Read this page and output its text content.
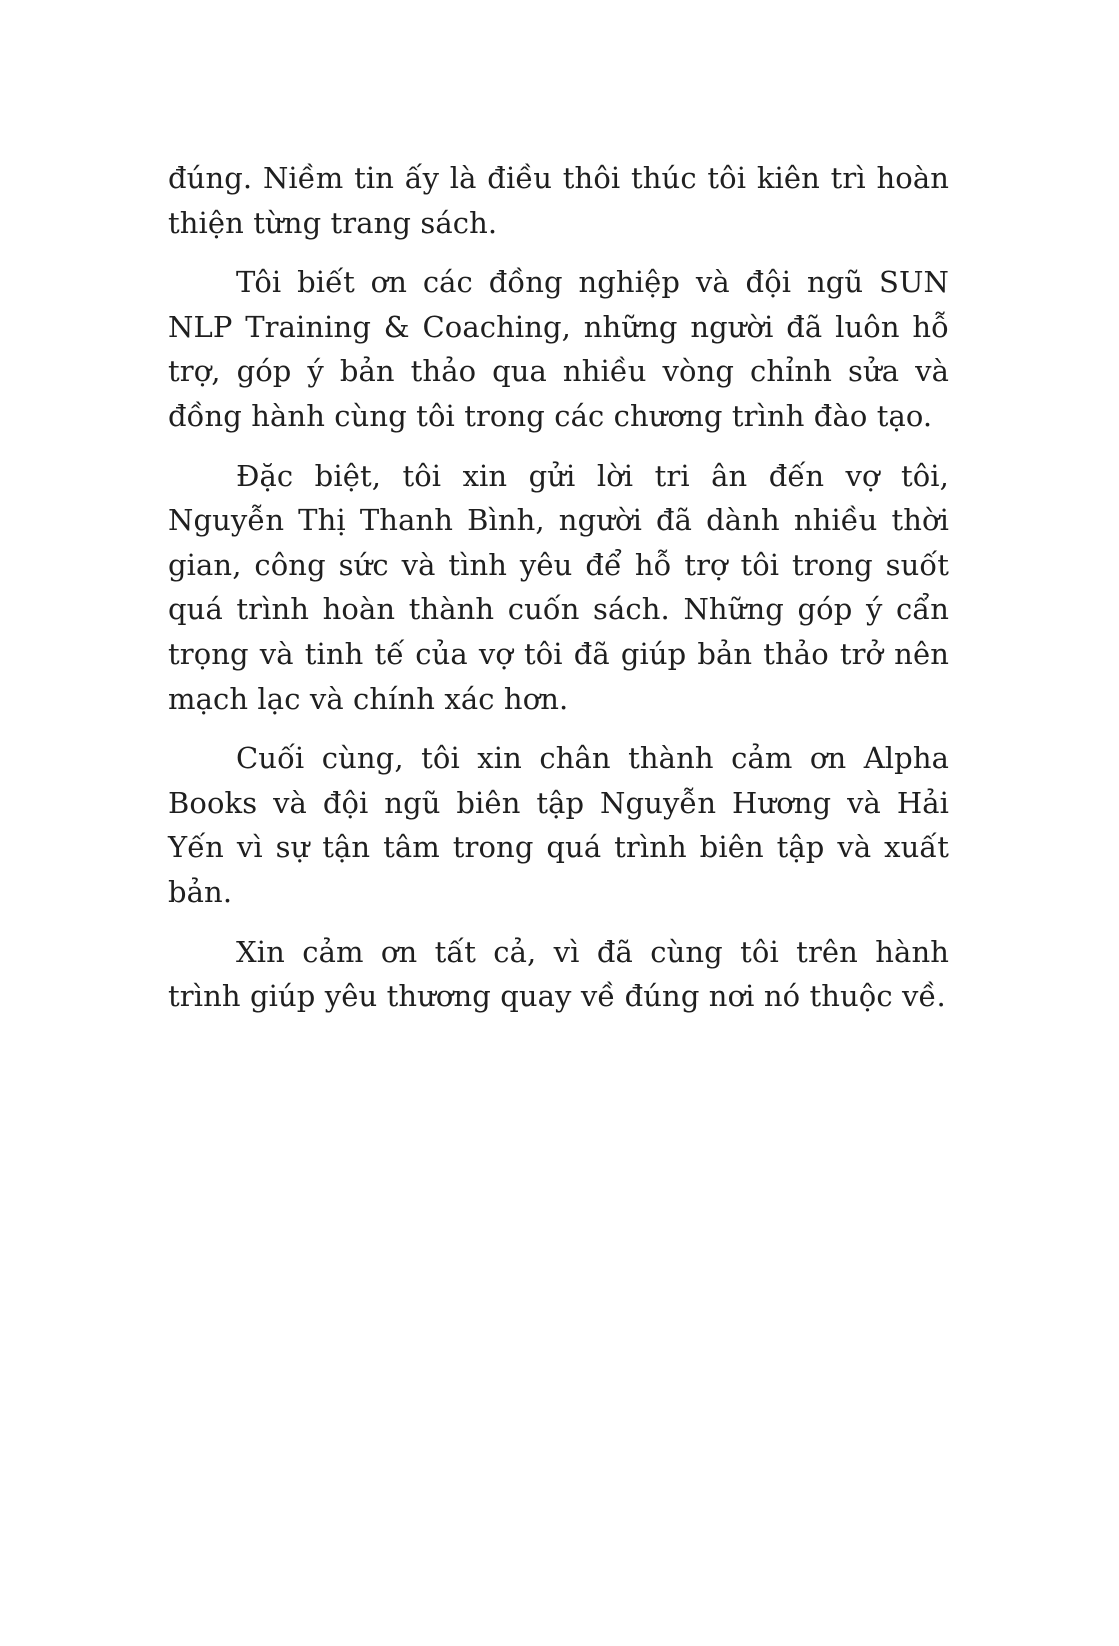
đúng. Niềm tin ấy là điều thôi thúc tôi kiên trì hoàn thiện từng trang sách.

Tôi biết ơn các đồng nghiệp và đội ngũ SUN NLP Training & Coaching, những người đã luôn hỗ trợ, góp ý bản thảo qua nhiều vòng chỉnh sửa và đồng hành cùng tôi trong các chương trình đào tạo.

Đặc biệt, tôi xin gửi lời tri ân đến vợ tôi, Nguyễn Thị Thanh Bình, người đã dành nhiều thời gian, công sức và tình yêu để hỗ trợ tôi trong suốt quá trình hoàn thành cuốn sách. Những góp ý cẩn trọng và tinh tế của vợ tôi đã giúp bản thảo trở nên mạch lạc và chính xác hơn.

Cuối cùng, tôi xin chân thành cảm ơn Alpha Books và đội ngũ biên tập Nguyễn Hương và Hải Yến vì sự tận tâm trong quá trình biên tập và xuất bản.

Xin cảm ơn tất cả, vì đã cùng tôi trên hành trình giúp yêu thương quay về đúng nơi nó thuộc về.
